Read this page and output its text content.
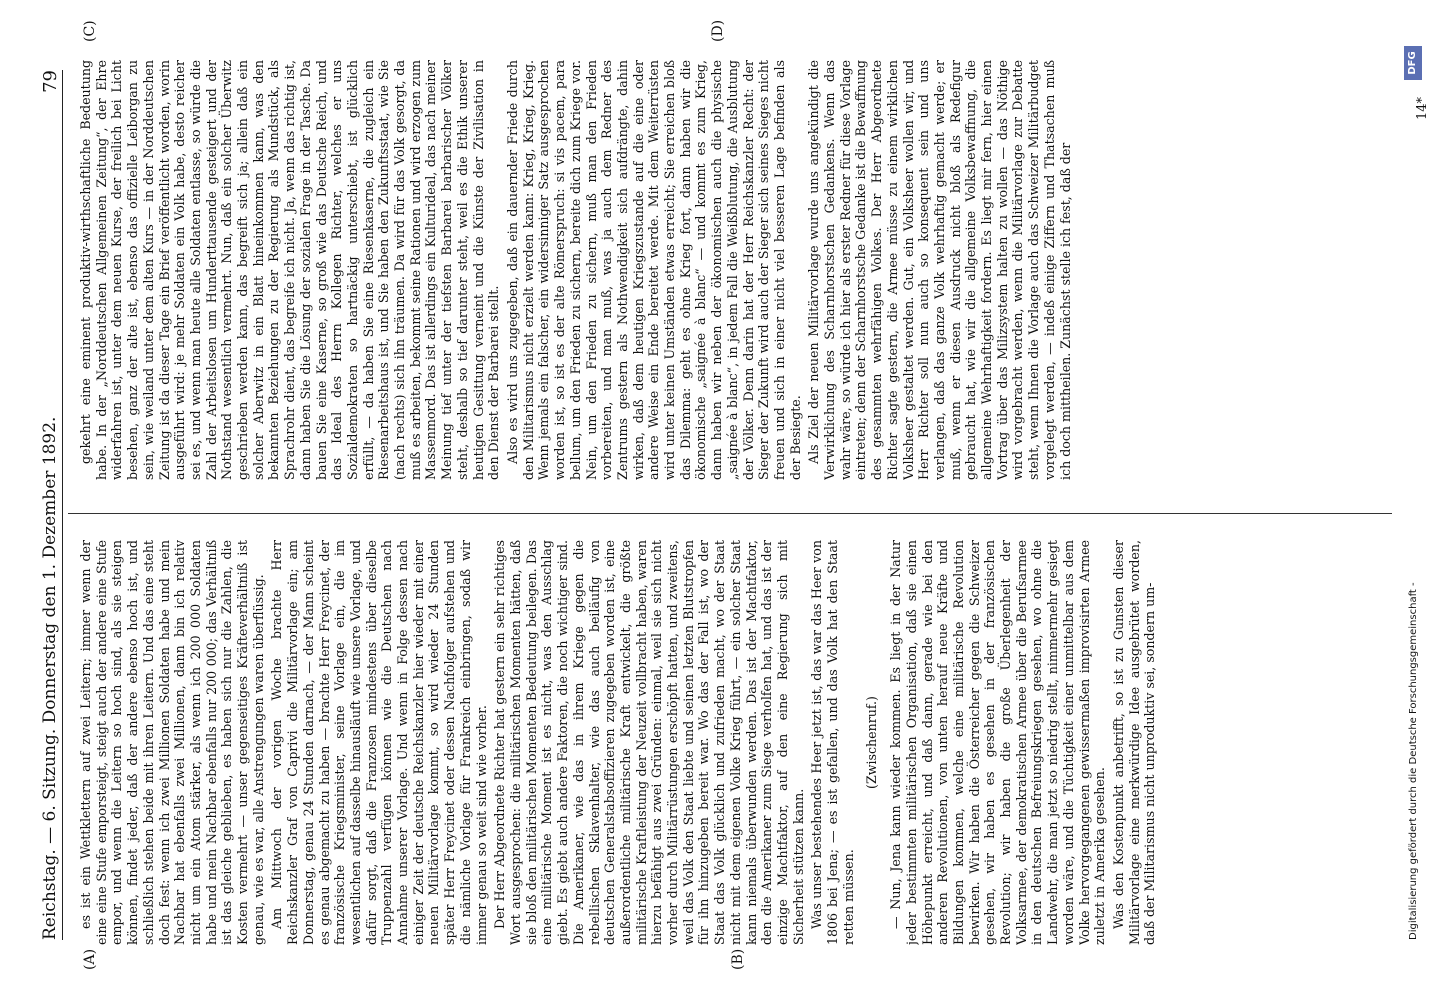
Reichstag. — 6. Sitzung. Donnerstag den 1. Dezember 1892.
79
(A)	(B)
(C)	(D)

es ist ein Wettklettern auf zwei Leitern; immer wenn der eine eine Stufe emporsteigt, steigt auch der andere eine Stufe empor, und wenn die Leitern so hoch sind, als sie steigen können, findet jeder, daß der andere ebenso hoch ist, und schließlich stehen beide mit ihren Leitern. Und das eine steht doch fest: wenn ich zwei Millionen Soldaten habe und mein Nachbar hat ebenfalls zwei Millionen, dann bin ich relativ nicht um ein Atom stärker, als wenn ich 200 000 Soldaten habe und mein Nachbar ebenfalls nur 200 000; das Verhältniß ist das gleiche geblieben, es haben sich nur die Zahlen, die Kosten vermehrt — unser gegenseitiges Kräfteverhältniß ist genau, wie es war, alle Anstrengungen waren überflüssig. Am Mittwoch der vorigen Woche brachte Herr Reichskanzler Graf von Caprivi die Militärvorlage ein; am Donnerstag, genau 24 Stunden darnach, — der Mann scheint es genau abgemacht zu haben — brachte Herr Freycinet, der französische Kriegsminister, seine Vorlage ein, die im wesentlichen auf dasselbe hinausläuft wie unsere Vorlage, und dafür sorgt, daß die Franzosen mindestens über dieselbe Truppenzahl verfügen können wie die Deutschen nach Annahme unserer Vorlage. Und wenn in Folge dessen nach einiger Zeit der deutsche Reichskanzler hier wieder mit einer neuen Militärvorlage kommt, so wird wieder 24 Stunden später Herr Freycinet oder dessen Nachfolger aufstehen und die nämliche Vorlage für Frankreich einbringen, sodaß wir immer genau so weit sind wie vorher. Der Herr Abgeordnete Richter hat gestern ein sehr richtiges Wort ausgesprochen: die militärischen Momenten hätten, daß sie bloß den militärischen Momenten Bedeutung beilegen. Das eine militärische Moment ist es nicht, was den Ausschlag giebt. Es giebt auch andere Faktoren, die noch wichtiger sind. Die Amerikaner, wie das in ihrem Kriege gegen die rebellischen Sklavenhalter, wie das auch beiläufig von deutschen Generalstabsoffizieren zugegeben worden ist, eine außerordentliche militärische Kraft entwickelt, die größte militärische Kraftleistung der Neuzeit vollbracht haben, waren hierzu befähigt aus zwei Gründen: einmal, weil sie sich nicht vorher durch Militärrüstungen erschöpft hatten, und zweitens, weil das Volk den Staat liebte und seinen letzten Blutstropfen für ihn hinzugeben bereit war. Wo das der Fall ist, wo der Staat das Volk glücklich und zufrieden macht, wo der Staat nicht mit dem eigenen Volke Krieg führt, — ein solcher Staat kann niemals überwunden werden. Das ist der Machtfaktor, den die Amerikaner zum Siege verholfen hat, und das ist der einzige Machtfaktor, auf den eine Regierung sich mit Sicherheit stützen kann. Was unser bestehendes Heer jetzt ist, das war das Heer von 1806 bei Jena; — es ist gefallen, und das Volk hat den Staat retten müssen.

(Zwischenruf.) — Nun, Jena kann wieder kommen. Es liegt in der Natur jeder bestimmten militärischen Organisation, daß sie einen Höhepunkt erreicht, und daß dann, gerade wie bei den anderen Revolutionen, von unten herauf neue Kräfte und Bildungen kommen, welche eine militärische Revolution bewirken. Wir haben die Österreicher gegen die Schweizer gesehen, wir haben es gesehen in der französischen Revolution; wir haben die große Überlegenheit der Volksarmee, der demokratischen Armee über die Berufsarmee in den deutschen Befreiungskriegen gesehen, wo ohne die Landwehr, die man jetzt so niedrig stellt, nimmermehr gesiegt worden wäre, und die Tüchtigkeit einer unmittelbar aus dem Volke hervorgegangenen gewissermaßen improvisirten Armee zuletzt in Amerika gesehen. Was den Kostenpunkt anbetrifft, so ist zu Gunsten dieser Militärvorlage eine merkwürdige Idee ausgebrütet worden, daß der Militarismus nicht unproduktiv sei, sondern um-

gekehrt eine eminent produktiv-wirthschaftliche Bedeutung habe. In der „Norddeutschen Allgemeinen Zeitung“, der Ehre widerfahren ist, unter dem neuen Kurse, der freilich bei Licht besehen, ganz der alte ist, ebenso das offizielle Leiborgan zu sein, wie weiland unter dem alten Kurs — in der Norddeutschen Zeitung ist da dieser Tage ein Brief veröffentlicht worden, worin ausgeführt wird: je mehr Soldaten ein Volk habe, desto reicher sei es, und wenn man heute alle Soldaten entlasse, so würde die Zahl der Arbeitslosen um Hunderttausende gesteigert und der Nothstand wesentlich vermehrt. Nun, daß ein solcher Überwitz geschrieben werden kann, das begreift sich ja; allein daß ein solcher Aberwitz in ein Blatt hineinkommen kann, was den bekannten Beziehungen zu der Regierung als Mundstück, als Sprachrohr dient, das begreife ich nicht. Ja, wenn das richtig ist, dann haben Sie die Lösung der sozialen Frage in der Tasche. Da bauen Sie eine Kaserne, so groß wie das Deutsche Reich, und das Ideal des Herrn Kollegen Richter, welches er uns Sozialdemokraten so hartnäckig unterschiebt, ist glücklich erfüllt, — da haben Sie eine Riesenkaserne, die zugleich ein Riesenarbeitshaus ist, und Sie haben den Zukunftsstaat, wie Sie (nach rechts) sich ihn träumen. Da wird für das Volk gesorgt, da muß es arbeiten, bekommt seine Rationen und wird erzogen zum Massenmord. Das ist allerdings ein Kulturideal, das nach meiner Meinung tief unter der tiefsten Barbarei barbarischer Völker steht, deshalb so tief darunter steht, weil es die Ethik unserer heutigen Gesittung verneint und die Künste der Zivilisation in den Dienst der Barbarei stellt. Also es wird uns zugegeben, daß ein dauernder Friede durch den Militarismus nicht erzielt werden kann: Krieg, Krieg, Krieg. Wenn jemals ein falscher, ein widersinniger Satz ausgesprochen worden ist, so ist es der alte Römerspruch: si vis pacem, para bellum, um den Frieden zu sichern, bereite dich zum Kriege vor. Nein, um den Frieden zu sichern, muß man den Frieden vorbereiten, und man muß, was ja auch dem Redner des Zentrums gestern als Nothwendigkeit sich aufdrängte, dahin wirken, daß dem heutigen Kriegszustande auf die eine oder andere Weise ein Ende bereitet werde. Mit dem Weiterrüsten wird unter keinen Umständen etwas erreicht; Sie erreichen bloß das Dilemma: geht es ohne Krieg fort, dann haben wir die ökonomische „saignée à blanc“ — und kommt es zum Krieg, dann haben wir neben der ökonomischen auch die physische „saignée à blanc“, in jedem Fall die Weißblutung, die Ausblutung der Völker. Denn darin hat der Herr Reichskanzler Recht: der Sieger der Zukunft wird auch der Sieger sich seines Sieges nicht freuen und sich in einer nicht viel besseren Lage befinden als der Besiegte. Als Ziel der neuen Militärvorlage wurde uns angekündigt die Verwirklichung des Scharnhorstschen Gedankens. Wenn das wahr wäre, so würde ich hier als erster Redner für diese Vorlage eintreten; denn der Scharnhorstsche Gedanke ist die Bewaffnung des gesammten wehrfähigen Volkes. Der Herr Abgeordnete Richter sagte gestern, die Armee müsse zu einem wirklichen Volksheer gestaltet werden. Gut, ein Volksheer wollen wir, und Herr Richter soll nun auch so konsequent sein und uns verlangen, daß das ganze Volk wehrhaftig gemacht werde; er muß, wenn er diesen Ausdruck nicht bloß als Redefigur gebraucht hat, wie wir die allgemeine Volksbewaffnung, die allgemeine Wehrhaftigkeit fordern. Es liegt mir fern, hier einen Vortrag über das Milizsystem halten zu wollen — das Nöthige wird vorgebracht werden, wenn die Militärvorlage zur Debatte steht, wenn Ihnen die Vorlage auch das Schweizer Militärbudget vorgelegt werden, — indeß einige Ziffern und Thatsachen muß ich doch mittheilen. Zunächst stelle ich fest, daß der

14*
Digitalisierung gefördert durch die Deutsche Forschungsgemeinschaft -
DFG
